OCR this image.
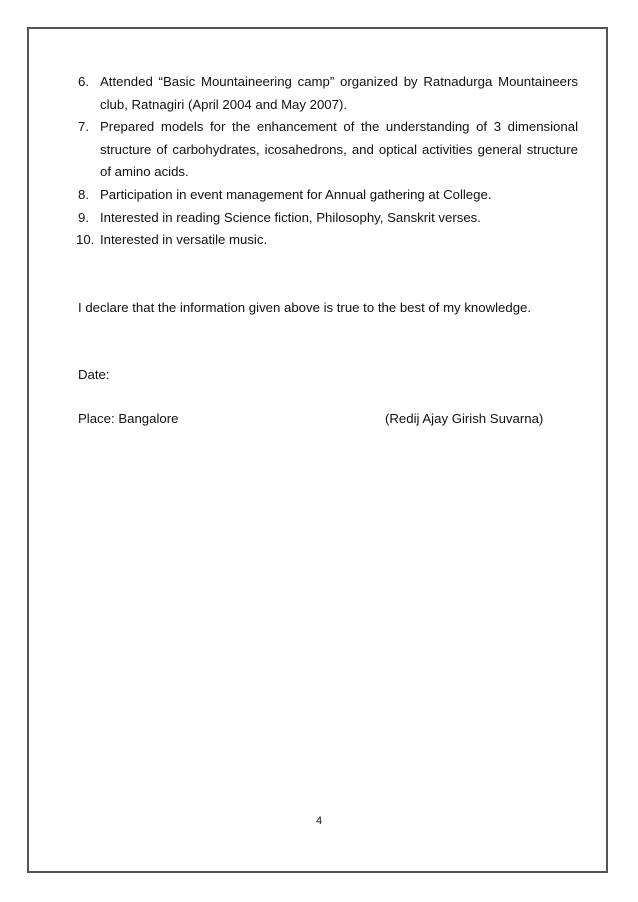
6. Attended “Basic Mountaineering camp” organized by Ratnadurga Mountaineers club, Ratnagiri (April 2004 and May 2007).
7. Prepared models for the enhancement of the understanding of 3 dimensional structure of carbohydrates, icosahedrons, and optical activities general structure of amino acids.
8. Participation in event management for Annual gathering at College.
9. Interested in reading Science fiction, Philosophy, Sanskrit verses.
10. Interested in versatile music.
I declare that the information given above is true to the best of my knowledge.
Date:
Place: Bangalore	(Redij Ajay Girish Suvarna)
4
